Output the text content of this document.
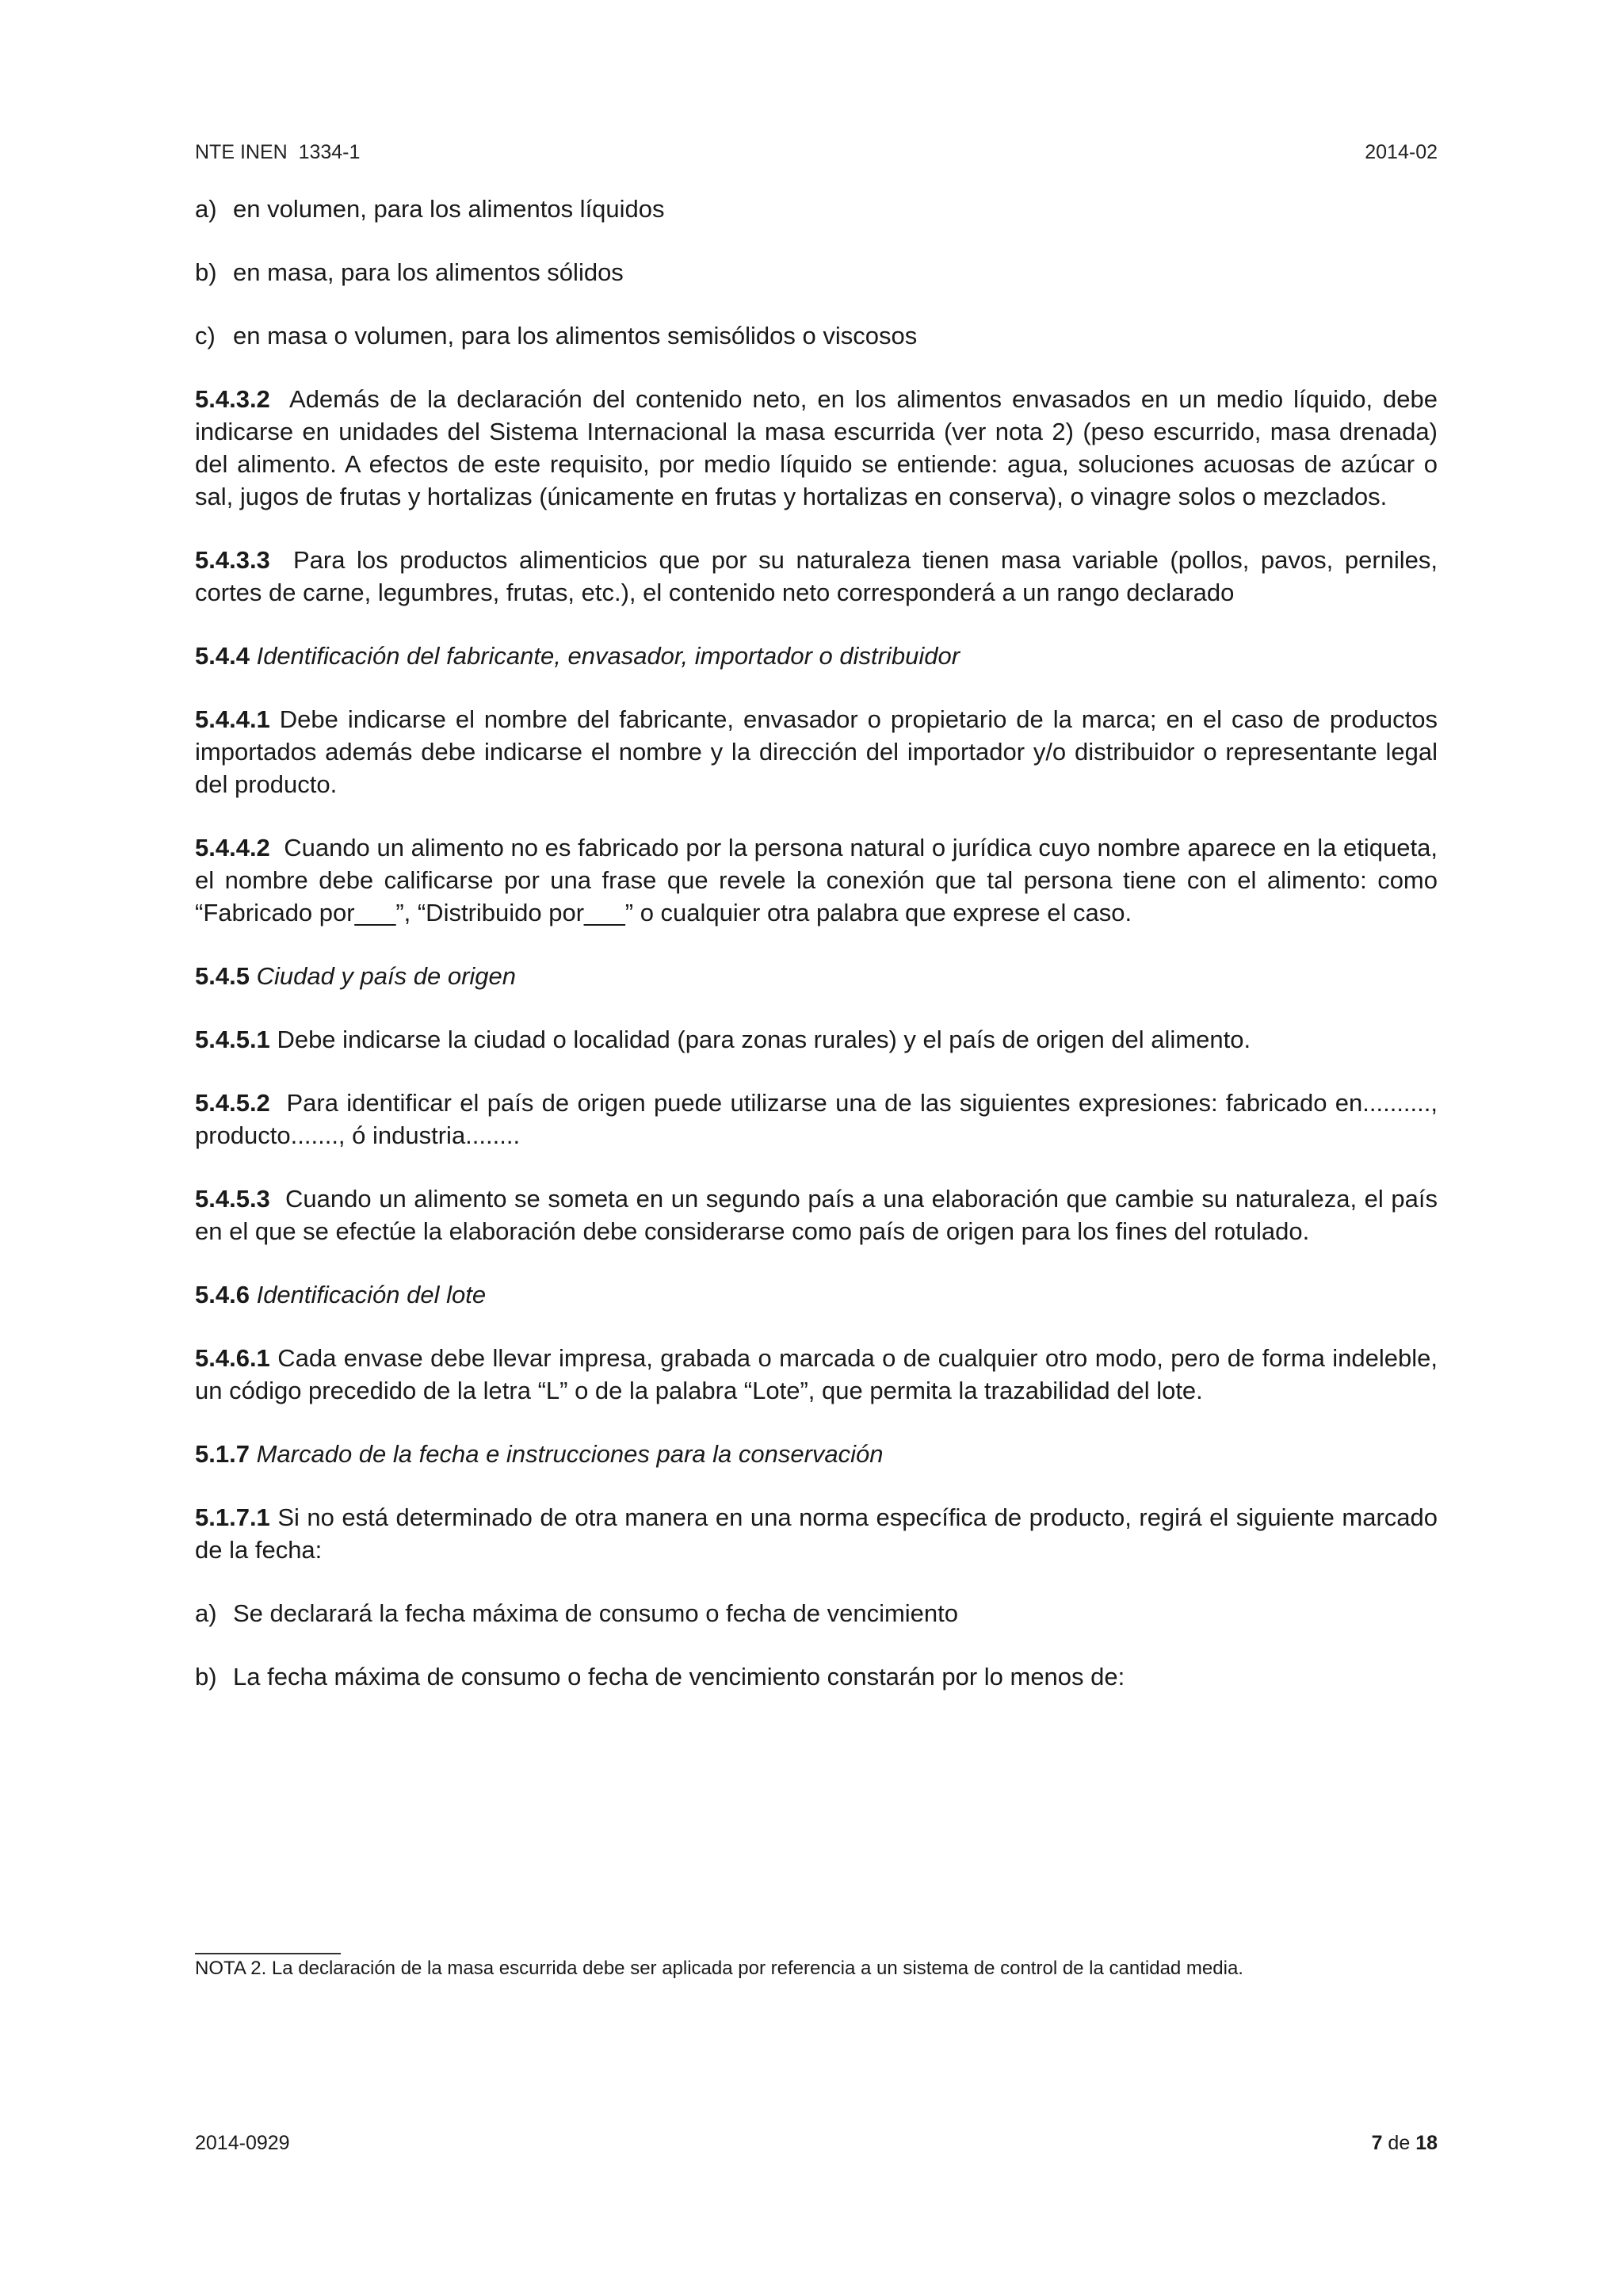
NTE INEN  1334-1	2014-02
a) en volumen, para los alimentos líquidos
b) en masa, para los alimentos sólidos
c) en masa o volumen, para los alimentos semisólidos o viscosos

5.4.3.2 Además de la declaración del contenido neto, en los alimentos envasados en un medio líquido, debe indicarse en unidades del Sistema Internacional la masa escurrida (ver nota 2) (peso escurrido, masa drenada) del alimento. A efectos de este requisito, por medio líquido se entiende: agua, soluciones acuosas de azúcar o sal, jugos de frutas y hortalizas (únicamente en frutas y hortalizas en conserva), o vinagre solos o mezclados.

5.4.3.3 Para los productos alimenticios que por su naturaleza tienen masa variable (pollos, pavos, perniles, cortes de carne, legumbres, frutas, etc.), el contenido neto corresponderá a un rango declarado

5.4.4 Identificación del fabricante, envasador, importador o distribuidor

5.4.4.1 Debe indicarse el nombre del fabricante, envasador o propietario de la marca; en el caso de productos importados además debe indicarse el nombre y la dirección del importador y/o distribuidor o representante legal del producto.

5.4.4.2 Cuando un alimento no es fabricado por la persona natural o jurídica cuyo nombre aparece en la etiqueta, el nombre debe calificarse por una frase que revele la conexión que tal persona tiene con el alimento: como “Fabricado por___”, “Distribuido por___” o cualquier otra palabra que exprese el caso.

5.4.5 Ciudad y país de origen

5.4.5.1 Debe indicarse la ciudad o localidad (para zonas rurales) y el país de origen del alimento.

5.4.5.2 Para identificar el país de origen puede utilizarse una de las siguientes expresiones: fabricado en.........., producto......., ó industria........

5.4.5.3 Cuando un alimento se someta en un segundo país a una elaboración que cambie su naturaleza, el país en el que se efectúe la elaboración debe considerarse como país de origen para los fines del rotulado.

5.4.6 Identificación del lote

5.4.6.1 Cada envase debe llevar impresa, grabada o marcada o de cualquier otro modo, pero de forma indeleble, un código precedido de la letra “L” o de la palabra “Lote”, que permita la trazabilidad del lote.

5.1.7 Marcado de la fecha e instrucciones para la conservación

5.1.7.1 Si no está determinado de otra manera en una norma específica de producto, regirá el siguiente marcado de la fecha:

a) Se declarará la fecha máxima de consumo o fecha de vencimiento
b) La fecha máxima de consumo o fecha de vencimiento constarán por lo menos de:
NOTA 2. La declaración de la masa escurrida debe ser aplicada por referencia a un sistema de control de la cantidad media.
2014-0929	7 de 18
